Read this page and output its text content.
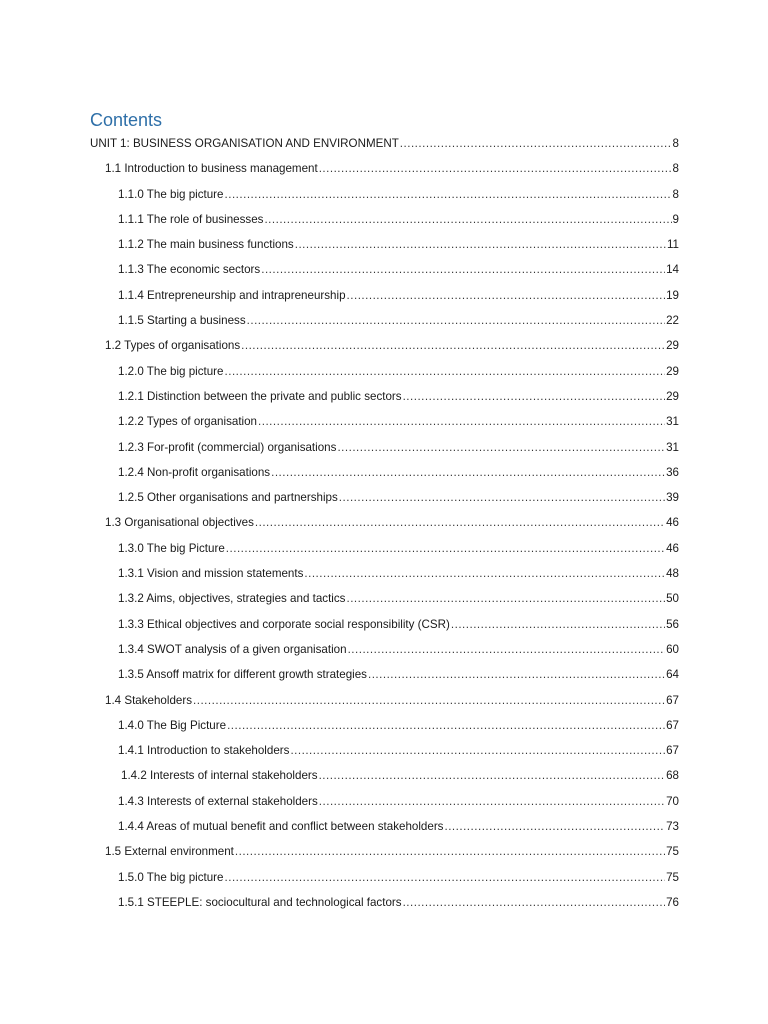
Contents
UNIT 1: BUSINESS ORGANISATION AND ENVIRONMENT .....	8
1.1 Introduction to business management .....	8
1.1.0 The big picture .....	8
1.1.1 The role of businesses .....	9
1.1.2 The main business functions .....	11
1.1.3 The economic sectors .....	14
1.1.4 Entrepreneurship and intrapreneurship .....	19
1.1.5 Starting a business .....	22
1.2 Types of organisations .....	29
1.2.0 The big picture .....	29
1.2.1 Distinction between the private and public sectors .....	29
1.2.2 Types of organisation .....	31
1.2.3 For-profit (commercial) organisations .....	31
1.2.4 Non-profit organisations .....	36
1.2.5 Other organisations and partnerships .....	39
1.3 Organisational objectives .....	46
1.3.0 The big Picture .....	46
1.3.1 Vision and mission statements .....	48
1.3.2 Aims, objectives, strategies and tactics .....	50
1.3.3 Ethical objectives and corporate social responsibility (CSR) .....	56
1.3.4 SWOT analysis of a given organisation .....	60
1.3.5 Ansoff matrix for different growth strategies .....	64
1.4 Stakeholders .....	67
1.4.0 The Big Picture .....	67
1.4.1 Introduction to stakeholders .....	67
1.4.2 Interests of internal stakeholders .....	68
1.4.3 Interests of external stakeholders .....	70
1.4.4 Areas of mutual benefit and conflict between stakeholders .....	73
1.5 External environment .....	75
1.5.0 The big picture .....	75
1.5.1 STEEPLE: sociocultural and technological factors .....	76
